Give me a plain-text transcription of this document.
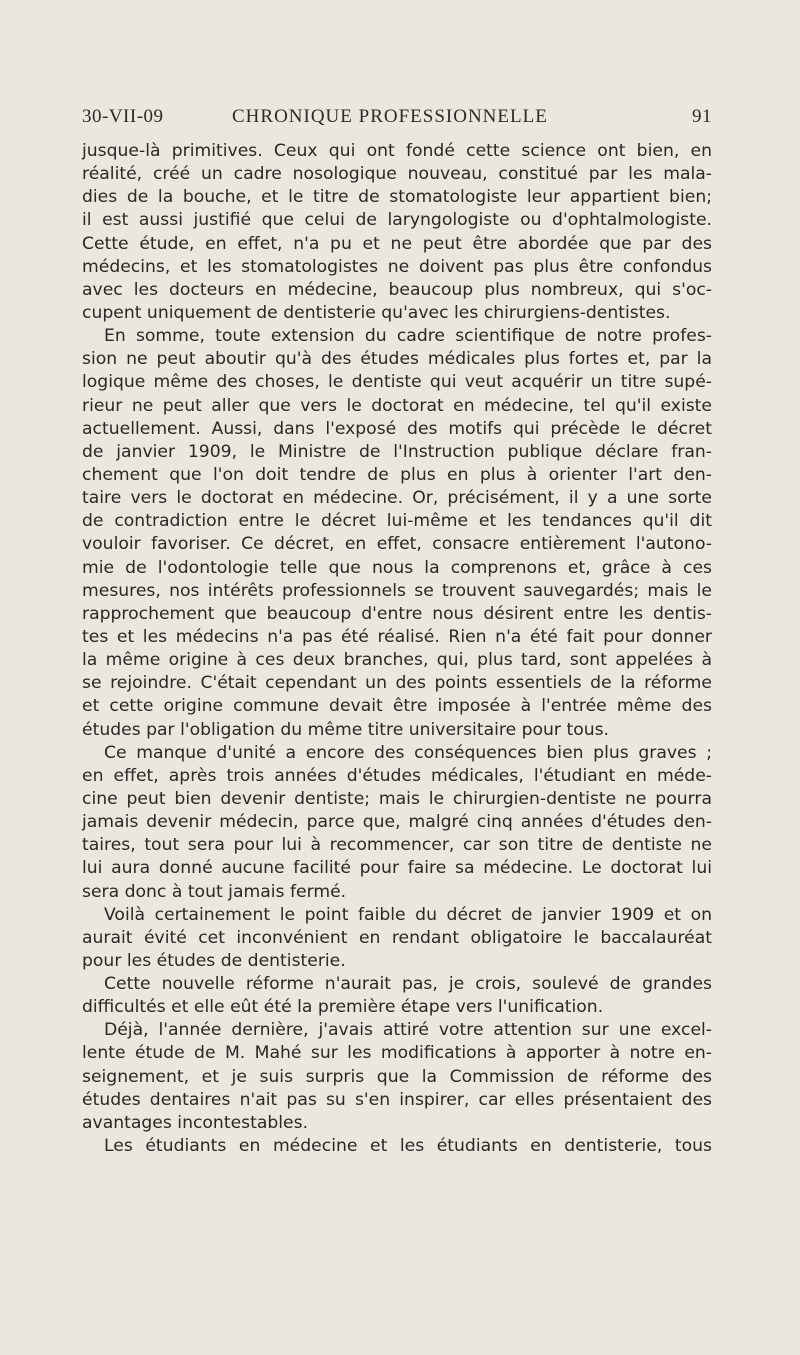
30-VII-09	CHRONIQUE PROFESSIONNELLE	91
jusque-là primitives. Ceux qui ont fondé cette science ont bien, en
réalité, créé un cadre nosologique nouveau, constitué par les mala-
dies de la bouche, et le titre de stomatologiste leur appartient bien;
il est aussi justifié que celui de laryngologiste ou d'ophtalmologiste.
Cette étude, en effet, n'a pu et ne peut être abordée que par des
médecins, et les stomatologistes ne doivent pas plus être confondus
avec les docteurs en médecine, beaucoup plus nombreux, qui s'oc-
cupent uniquement de dentisterie qu'avec les chirurgiens-dentistes.
En somme, toute extension du cadre scientifique de notre profes-
sion ne peut aboutir qu'à des études médicales plus fortes et, par la
logique même des choses, le dentiste qui veut acquérir un titre supé-
rieur ne peut aller que vers le doctorat en médecine, tel qu'il existe
actuellement. Aussi, dans l'exposé des motifs qui précède le décret
de janvier 1909, le Ministre de l'Instruction publique déclare fran-
chement que l'on doit tendre de plus en plus à orienter l'art den-
taire vers le doctorat en médecine. Or, précisément, il y a une sorte
de contradiction entre le décret lui-même et les tendances qu'il dit
vouloir favoriser. Ce décret, en effet, consacre entièrement l'autono-
mie de l'odontologie telle que nous la comprenons et, grâce à ces
mesures, nos intérêts professionnels se trouvent sauvegardés; mais le
rapprochement que beaucoup d'entre nous désirent entre les dentis-
tes et les médecins n'a pas été réalisé. Rien n'a été fait pour donner
la même origine à ces deux branches, qui, plus tard, sont appelées à
se rejoindre. C'était cependant un des points essentiels de la réforme
et cette origine commune devait être imposée à l'entrée même des
études par l'obligation du même titre universitaire pour tous.
Ce manque d'unité a encore des conséquences bien plus graves ;
en effet, après trois années d'études médicales, l'étudiant en méde-
cine peut bien devenir dentiste; mais le chirurgien-dentiste ne pourra
jamais devenir médecin, parce que, malgré cinq années d'études den-
taires, tout sera pour lui à recommencer, car son titre de dentiste ne
lui aura donné aucune facilité pour faire sa médecine. Le doctorat lui
sera donc à tout jamais fermé.
Voilà certainement le point faible du décret de janvier 1909 et on
aurait évité cet inconvénient en rendant obligatoire le baccalauréat
pour les études de dentisterie.
Cette nouvelle réforme n'aurait pas, je crois, soulevé de grandes
difficultés et elle eût été la première étape vers l'unification.
Déjà, l'année dernière, j'avais attiré votre attention sur une excel-
lente étude de M. Mahé sur les modifications à apporter à notre en-
seignement, et je suis surpris que la Commission de réforme des
études dentaires n'ait pas su s'en inspirer, car elles présentaient des
avantages incontestables.
Les étudiants en médecine et les étudiants en dentisterie, tous
